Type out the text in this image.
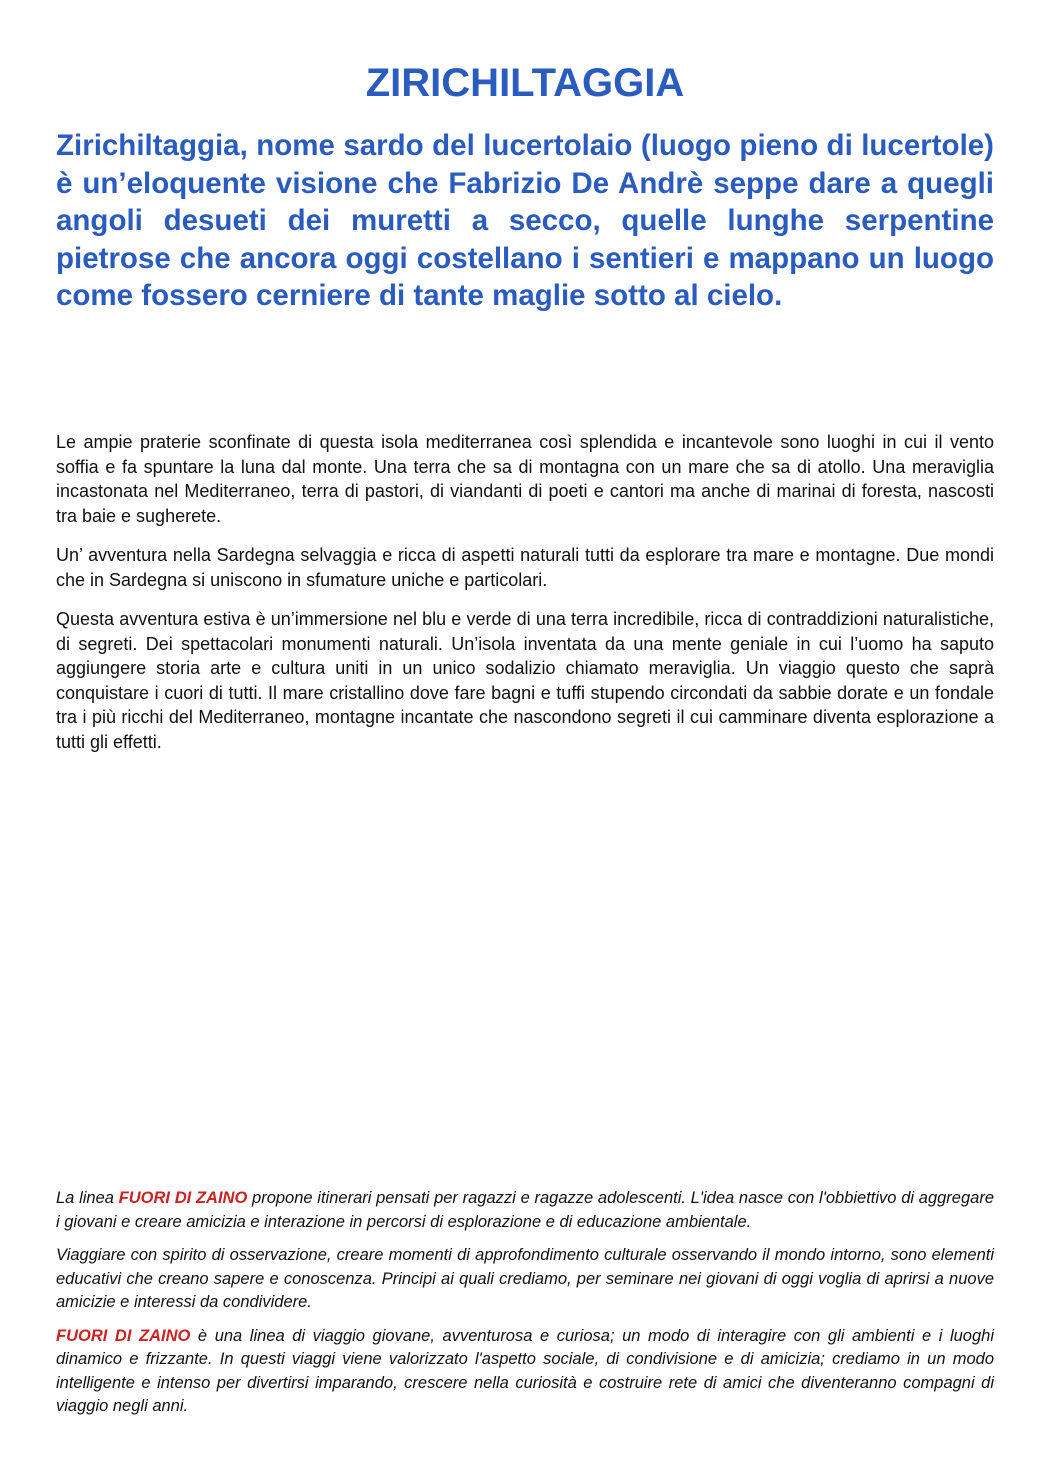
ZIRICHILTAGGIA

Zirichiltaggia, nome sardo del lucertolaio (luogo pieno di lucertole) è un’eloquente visione che Fabrizio De Andrè seppe dare a quegli angoli desueti dei muretti a secco, quelle lunghe serpentine pietrose che ancora oggi costellano i sentieri e mappano un luogo come fossero cerniere di tante maglie sotto al cielo.

Le ampie praterie sconfinate di questa isola mediterranea così splendida e incantevole sono luoghi in cui il vento soffia e fa spuntare la luna dal monte. Una terra che sa di montagna con un mare che sa di atollo. Una meraviglia incastonata nel Mediterraneo, terra di pastori, di viandanti di poeti e cantori ma anche di marinai di foresta, nascosti tra baie e sugherete.

Un’ avventura nella Sardegna selvaggia e ricca di aspetti naturali tutti da esplorare tra mare e montagne. Due mondi che in Sardegna si uniscono in sfumature uniche e particolari.

Questa avventura estiva è un’immersione nel blu e verde di una terra incredibile, ricca di contraddizioni naturalistiche, di segreti. Dei spettacolari monumenti naturali. Un’isola inventata da una mente geniale in cui l’uomo ha saputo aggiungere storia arte e cultura uniti in un unico sodalizio chiamato meraviglia. Un viaggio questo che saprà conquistare i cuori di tutti. Il mare cristallino dove fare bagni e tuffi stupendo circondati da sabbie dorate e un fondale tra i più ricchi del Mediterraneo, montagne incantate che nascondono segreti il cui camminare diventa esplorazione a tutti gli effetti.

La linea FUORI DI ZAINO propone itinerari pensati per ragazzi e ragazze adolescenti. L'idea nasce con l'obbiettivo di aggregare i giovani e creare amicizia e interazione in percorsi di esplorazione e di educazione ambientale.

Viaggiare con spirito di osservazione, creare momenti di approfondimento culturale osservando il mondo intorno, sono elementi educativi che creano sapere e conoscenza. Principi ai quali crediamo, per seminare nei giovani di oggi voglia di aprirsi a nuove amicizie e interessi da condividere.

FUORI DI ZAINO è una linea di viaggio giovane, avventurosa e curiosa; un modo di interagire con gli ambienti e i luoghi dinamico e frizzante. In questi viaggi viene valorizzato l'aspetto sociale, di condivisione e di amicizia; crediamo in un modo intelligente e intenso per divertirsi imparando, crescere nella curiosità e costruire rete di amici che diventeranno compagni di viaggio negli anni.
